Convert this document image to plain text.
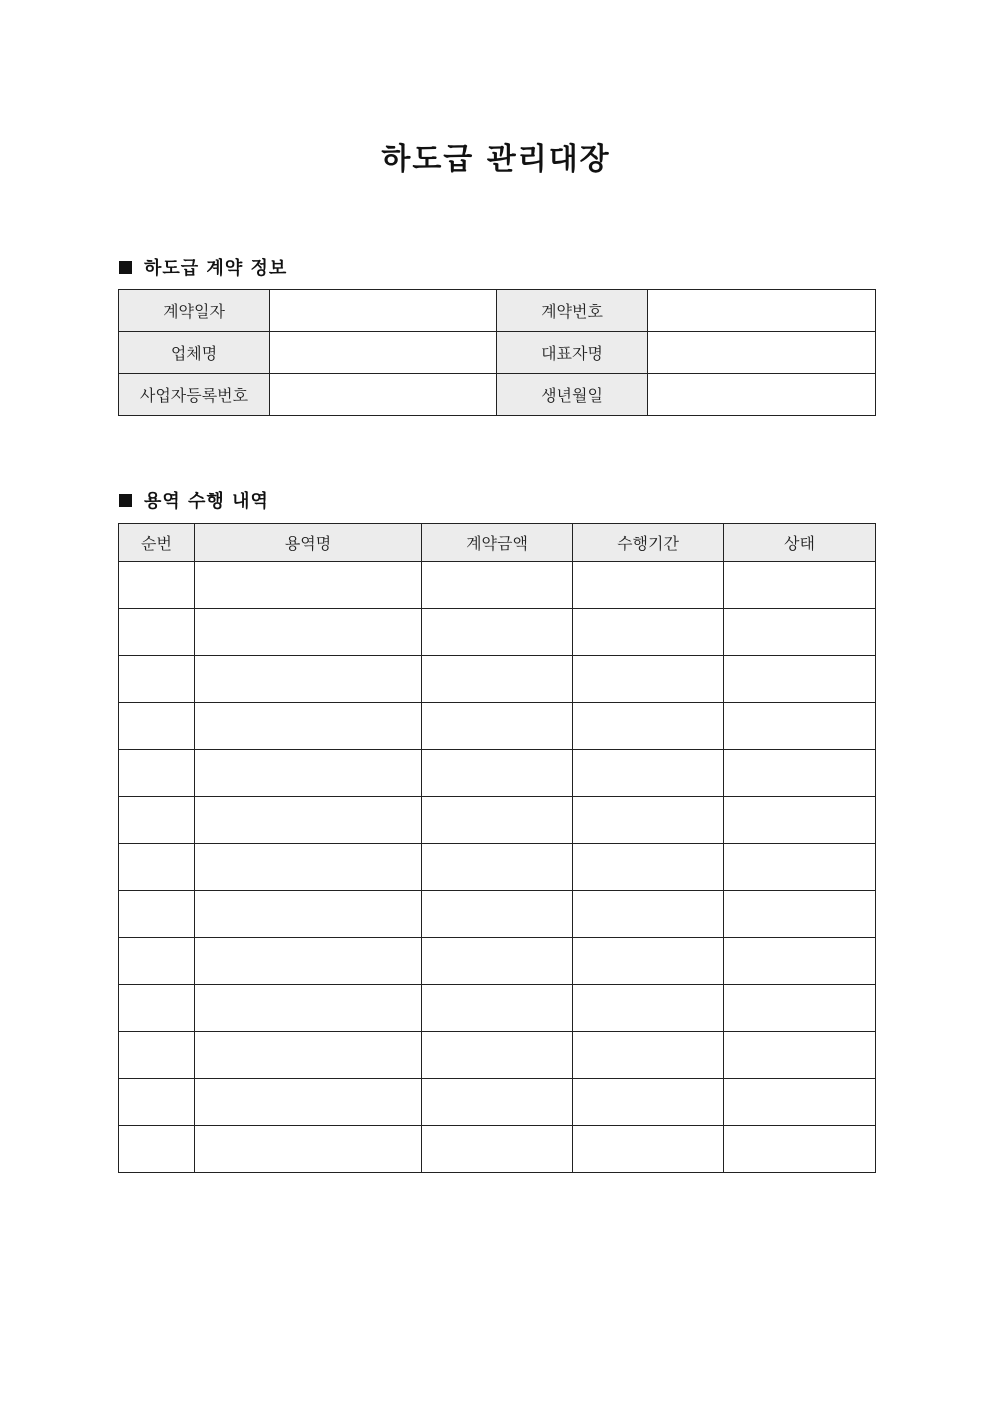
하도급 관리대장
하도급 계약 정보
계약일자		계약번호	
업체명		대표자명	
사업자등록번호		생년월일	
용역 수행 내역
순번	용역명	계약금액	수행기간	상태
